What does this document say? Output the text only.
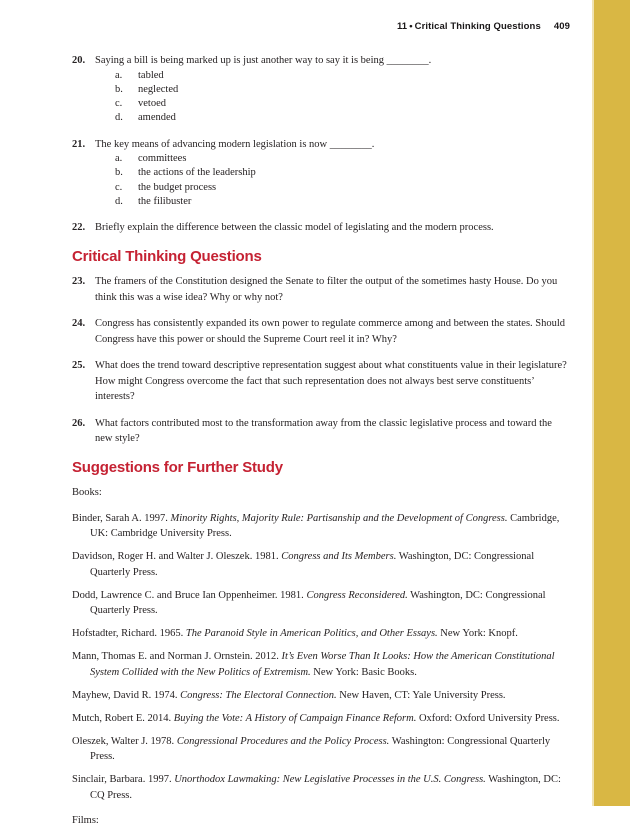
11 • Critical Thinking Questions 409
20. Saying a bill is being marked up is just another way to say it is being ________.
a.	tabled
b.	neglected
c.	vetoed
d.	amended
21. The key means of advancing modern legislation is now ________.
a.	committees
b.	the actions of the leadership
c.	the budget process
d.	the filibuster
22. Briefly explain the difference between the classic model of legislating and the modern process.
Critical Thinking Questions
23. The framers of the Constitution designed the Senate to filter the output of the sometimes hasty House. Do you think this was a wise idea? Why or why not?
24. Congress has consistently expanded its own power to regulate commerce among and between the states. Should Congress have this power or should the Supreme Court reel it in? Why?
25. What does the trend toward descriptive representation suggest about what constituents value in their legislature? How might Congress overcome the fact that such representation does not always best serve constituents’ interests?
26. What factors contributed most to the transformation away from the classic legislative process and toward the new style?
Suggestions for Further Study

Books:

Binder, Sarah A. 1997. Minority Rights, Majority Rule: Partisanship and the Development of Congress. Cambridge, UK: Cambridge University Press.
Davidson, Roger H. and Walter J. Oleszek. 1981. Congress and Its Members. Washington, DC: Congressional Quarterly Press.
Dodd, Lawrence C. and Bruce Ian Oppenheimer. 1981. Congress Reconsidered. Washington, DC: Congressional Quarterly Press.
Hofstadter, Richard. 1965. The Paranoid Style in American Politics, and Other Essays. New York: Knopf.
Mann, Thomas E. and Norman J. Ornstein. 2012. It’s Even Worse Than It Looks: How the American Constitutional System Collided with the New Politics of Extremism. New York: Basic Books.
Mayhew, David R. 1974. Congress: The Electoral Connection. New Haven, CT: Yale University Press.
Mutch, Robert E. 2014. Buying the Vote: A History of Campaign Finance Reform. Oxford: Oxford University Press.
Oleszek, Walter J. 1978. Congressional Procedures and the Policy Process. Washington: Congressional Quarterly Press.
Sinclair, Barbara. 1997. Unorthodox Lawmaking: New Legislative Processes in the U.S. Congress. Washington, DC: CQ Press.

Films:
